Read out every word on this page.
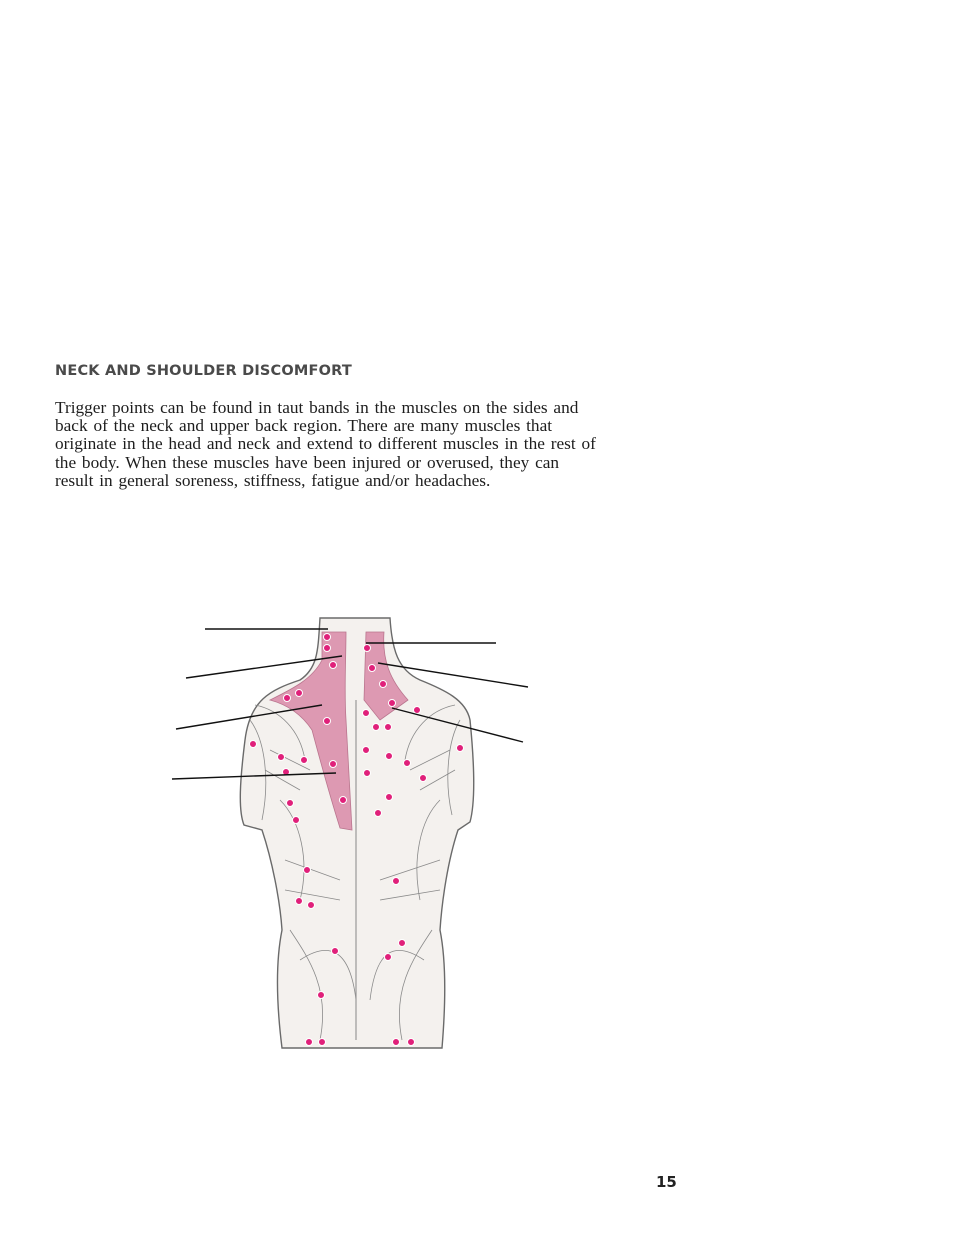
NECK AND SHOULDER DISCOMFORT
Trigger points can be found in taut bands in the muscles on the sides and
back of the neck and upper back region. There are many muscles that
originate in the head and neck and extend to different muscles in the rest of
the body. When these muscles have been injured or overused, they can
result in general soreness, stiffness, fatigue and/or headaches.
15
